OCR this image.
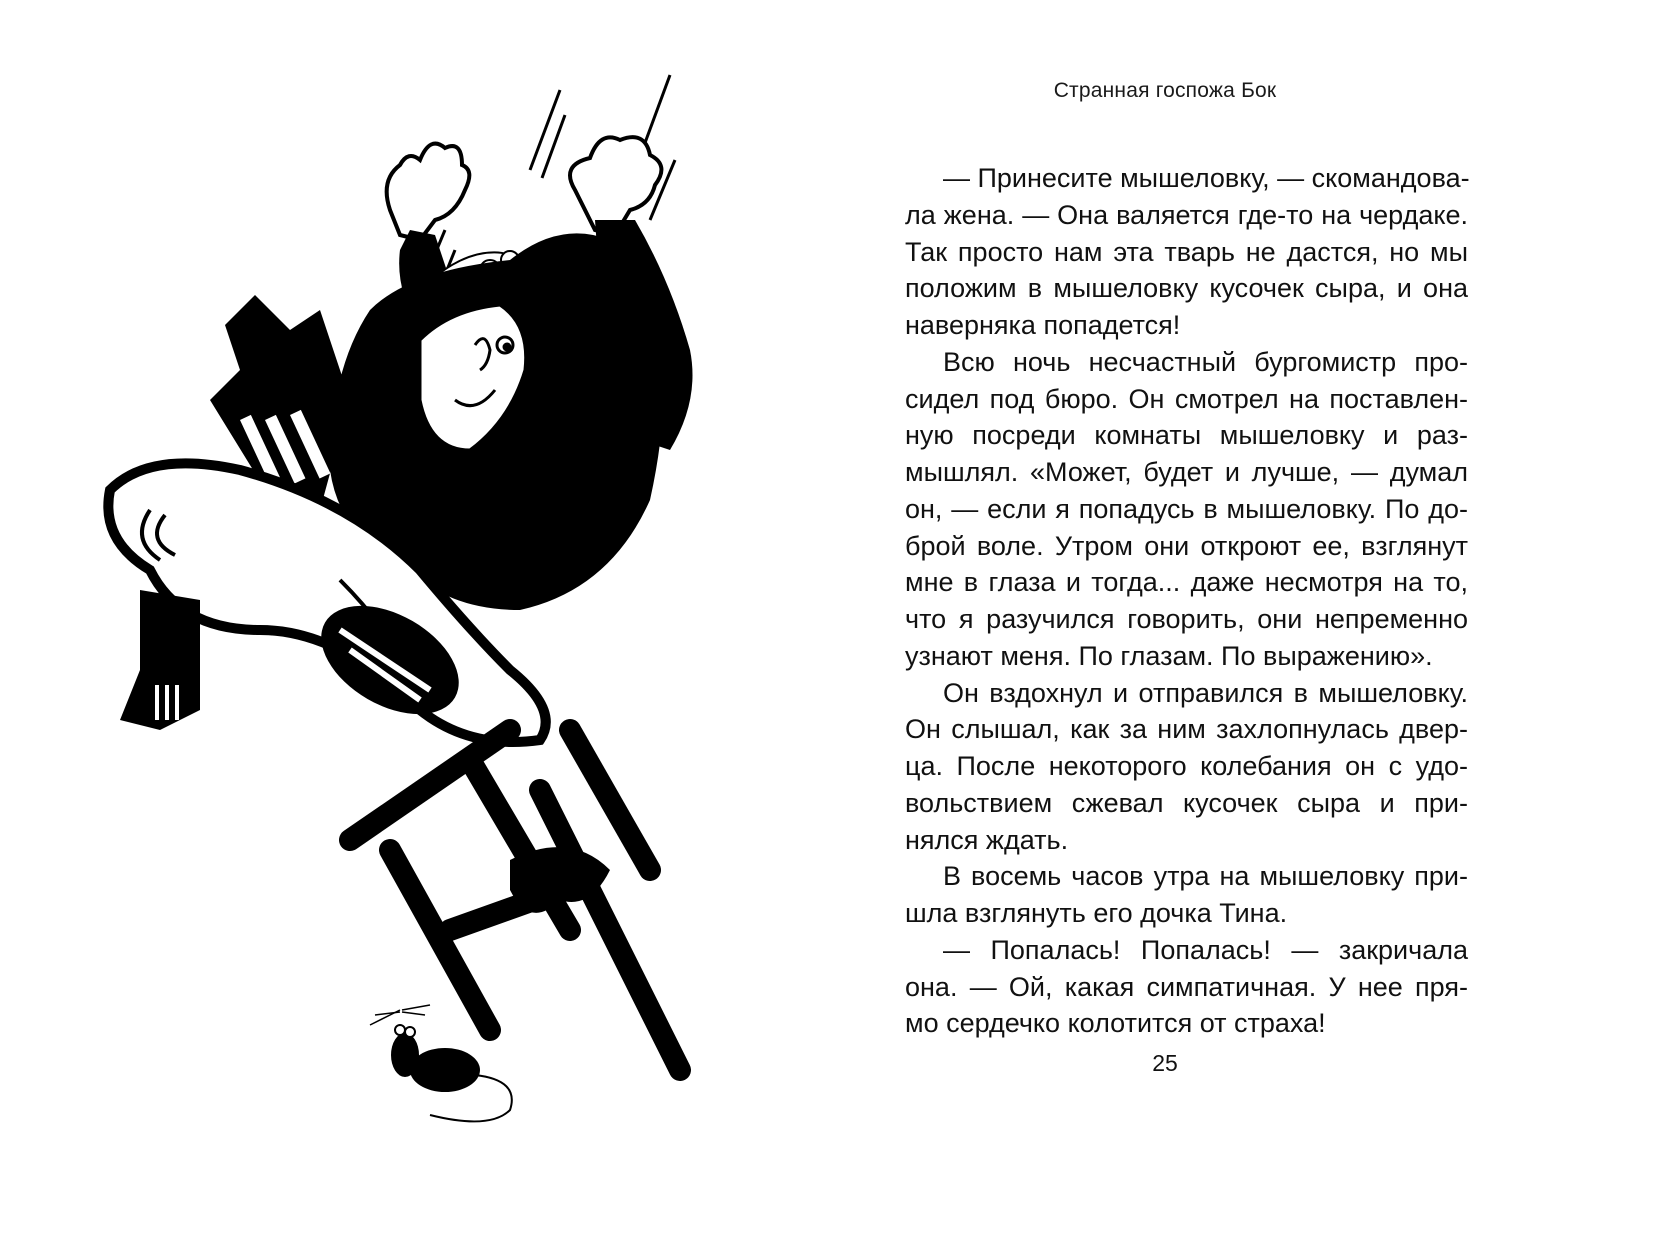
Странная госпожа Бок
— Принесите мышеловку, — скомандова-
ла жена. — Она валяется где-то на чердаке.
Так просто нам эта тварь не дастся, но мы
положим в мышеловку кусочек сыра, и она
наверняка попадется!
Всю ночь несчастный бургомистр про-
сидел под бюро. Он смотрел на поставлен-
ную посреди комнаты мышеловку и раз-
мышлял. «Может, будет и лучше, — думал
он, — если я попадусь в мышеловку. По до-
брой воле. Утром они откроют ее, взглянут
мне в глаза и тогда... даже несмотря на то,
что я разучился говорить, они непременно
узнают меня. По глазам. По выражению».
Он вздохнул и отправился в мышеловку.
Он слышал, как за ним захлопнулась двер-
ца. После некоторого колебания он с удо-
вольствием сжевал кусочек сыра и при-
нялся ждать.
В восемь часов утра на мышеловку при-
шла взглянуть его дочка Тина.
— Попалась! Попалась! — закричала
она. — Ой, какая симпатичная. У нее пря-
мо сердечко колотится от страха!
25
